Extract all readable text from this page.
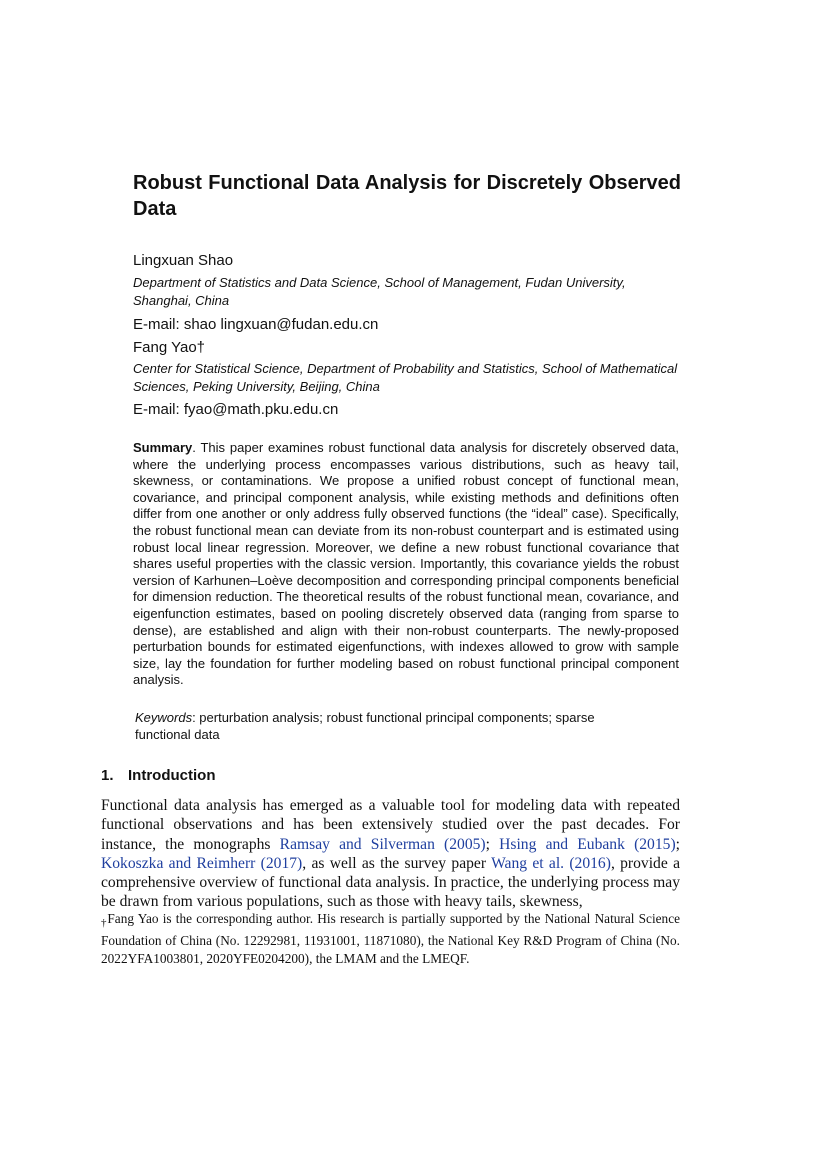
Robust Functional Data Analysis for Discretely Observed Data
Lingxuan Shao
Department of Statistics and Data Science, School of Management, Fudan University, Shanghai, China
E-mail: shao lingxuan@fudan.edu.cn
Fang Yao†
Center for Statistical Science, Department of Probability and Statistics, School of Mathematical Sciences, Peking University, Beijing, China
E-mail: fyao@math.pku.edu.cn
Summary. This paper examines robust functional data analysis for discretely observed data, where the underlying process encompasses various distributions, such as heavy tail, skewness, or contaminations. We propose a unified robust concept of functional mean, covariance, and principal component analysis, while existing methods and definitions often differ from one another or only address fully observed functions (the “ideal” case). Specifically, the robust functional mean can deviate from its non-robust counterpart and is estimated using robust local linear regression. Moreover, we define a new robust functional covariance that shares useful properties with the classic version. Importantly, this covariance yields the robust version of Karhunen–Loève decomposition and corresponding principal components beneficial for dimension reduction. The theoretical results of the robust functional mean, covariance, and eigenfunction estimates, based on pooling discretely observed data (ranging from sparse to dense), are established and align with their non-robust counterparts. The newly-proposed perturbation bounds for estimated eigenfunctions, with indexes allowed to grow with sample size, lay the foundation for further modeling based on robust functional principal component analysis.
Keywords: perturbation analysis; robust functional principal components; sparse functional data
1. Introduction
Functional data analysis has emerged as a valuable tool for modeling data with repeated functional observations and has been extensively studied over the past decades. For instance, the monographs Ramsay and Silverman (2005); Hsing and Eubank (2015); Kokoszka and Reimherr (2017), as well as the survey paper Wang et al. (2016), provide a comprehensive overview of functional data analysis. In practice, the underlying process may be drawn from various populations, such as those with heavy tails, skewness,
$_\dagger$Fang Yao is the corresponding author. His research is partially supported by the National Natural Science Foundation of China (No. 12292981, 11931001, 11871080), the National Key R&D Program of China (No. 2022YFA1003801, 2020YFE0204200), the LMAM and the LMEQF.
